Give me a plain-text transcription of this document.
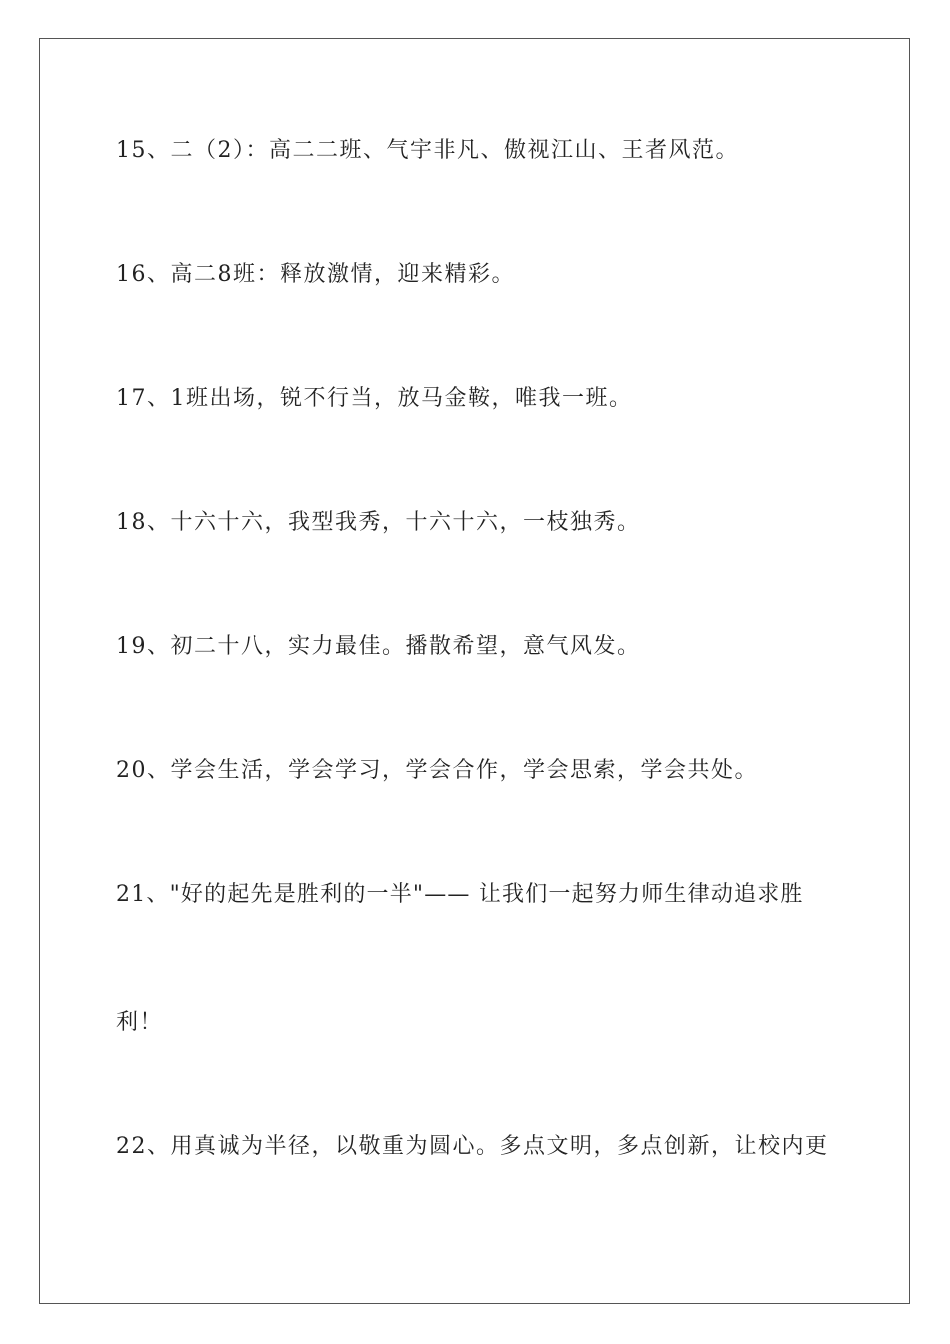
15、二（2）：高二二班、气宇非凡、傲视江山、王者风范。
16、高二8班：释放激情，迎来精彩。
17、1班出场，锐不行当，放马金鞍，唯我一班。
18、十六十六，我型我秀，十六十六，一枝独秀。
19、初二十八，实力最佳。播散希望，意气风发。
20、学会生活，学会学习，学会合作，学会思索，学会共处。
21、"好的起先是胜利的一半"—— 让我们一起努力师生律动追求胜
利！
22、用真诚为半径，以敬重为圆心。多点文明，多点创新，让校内更
